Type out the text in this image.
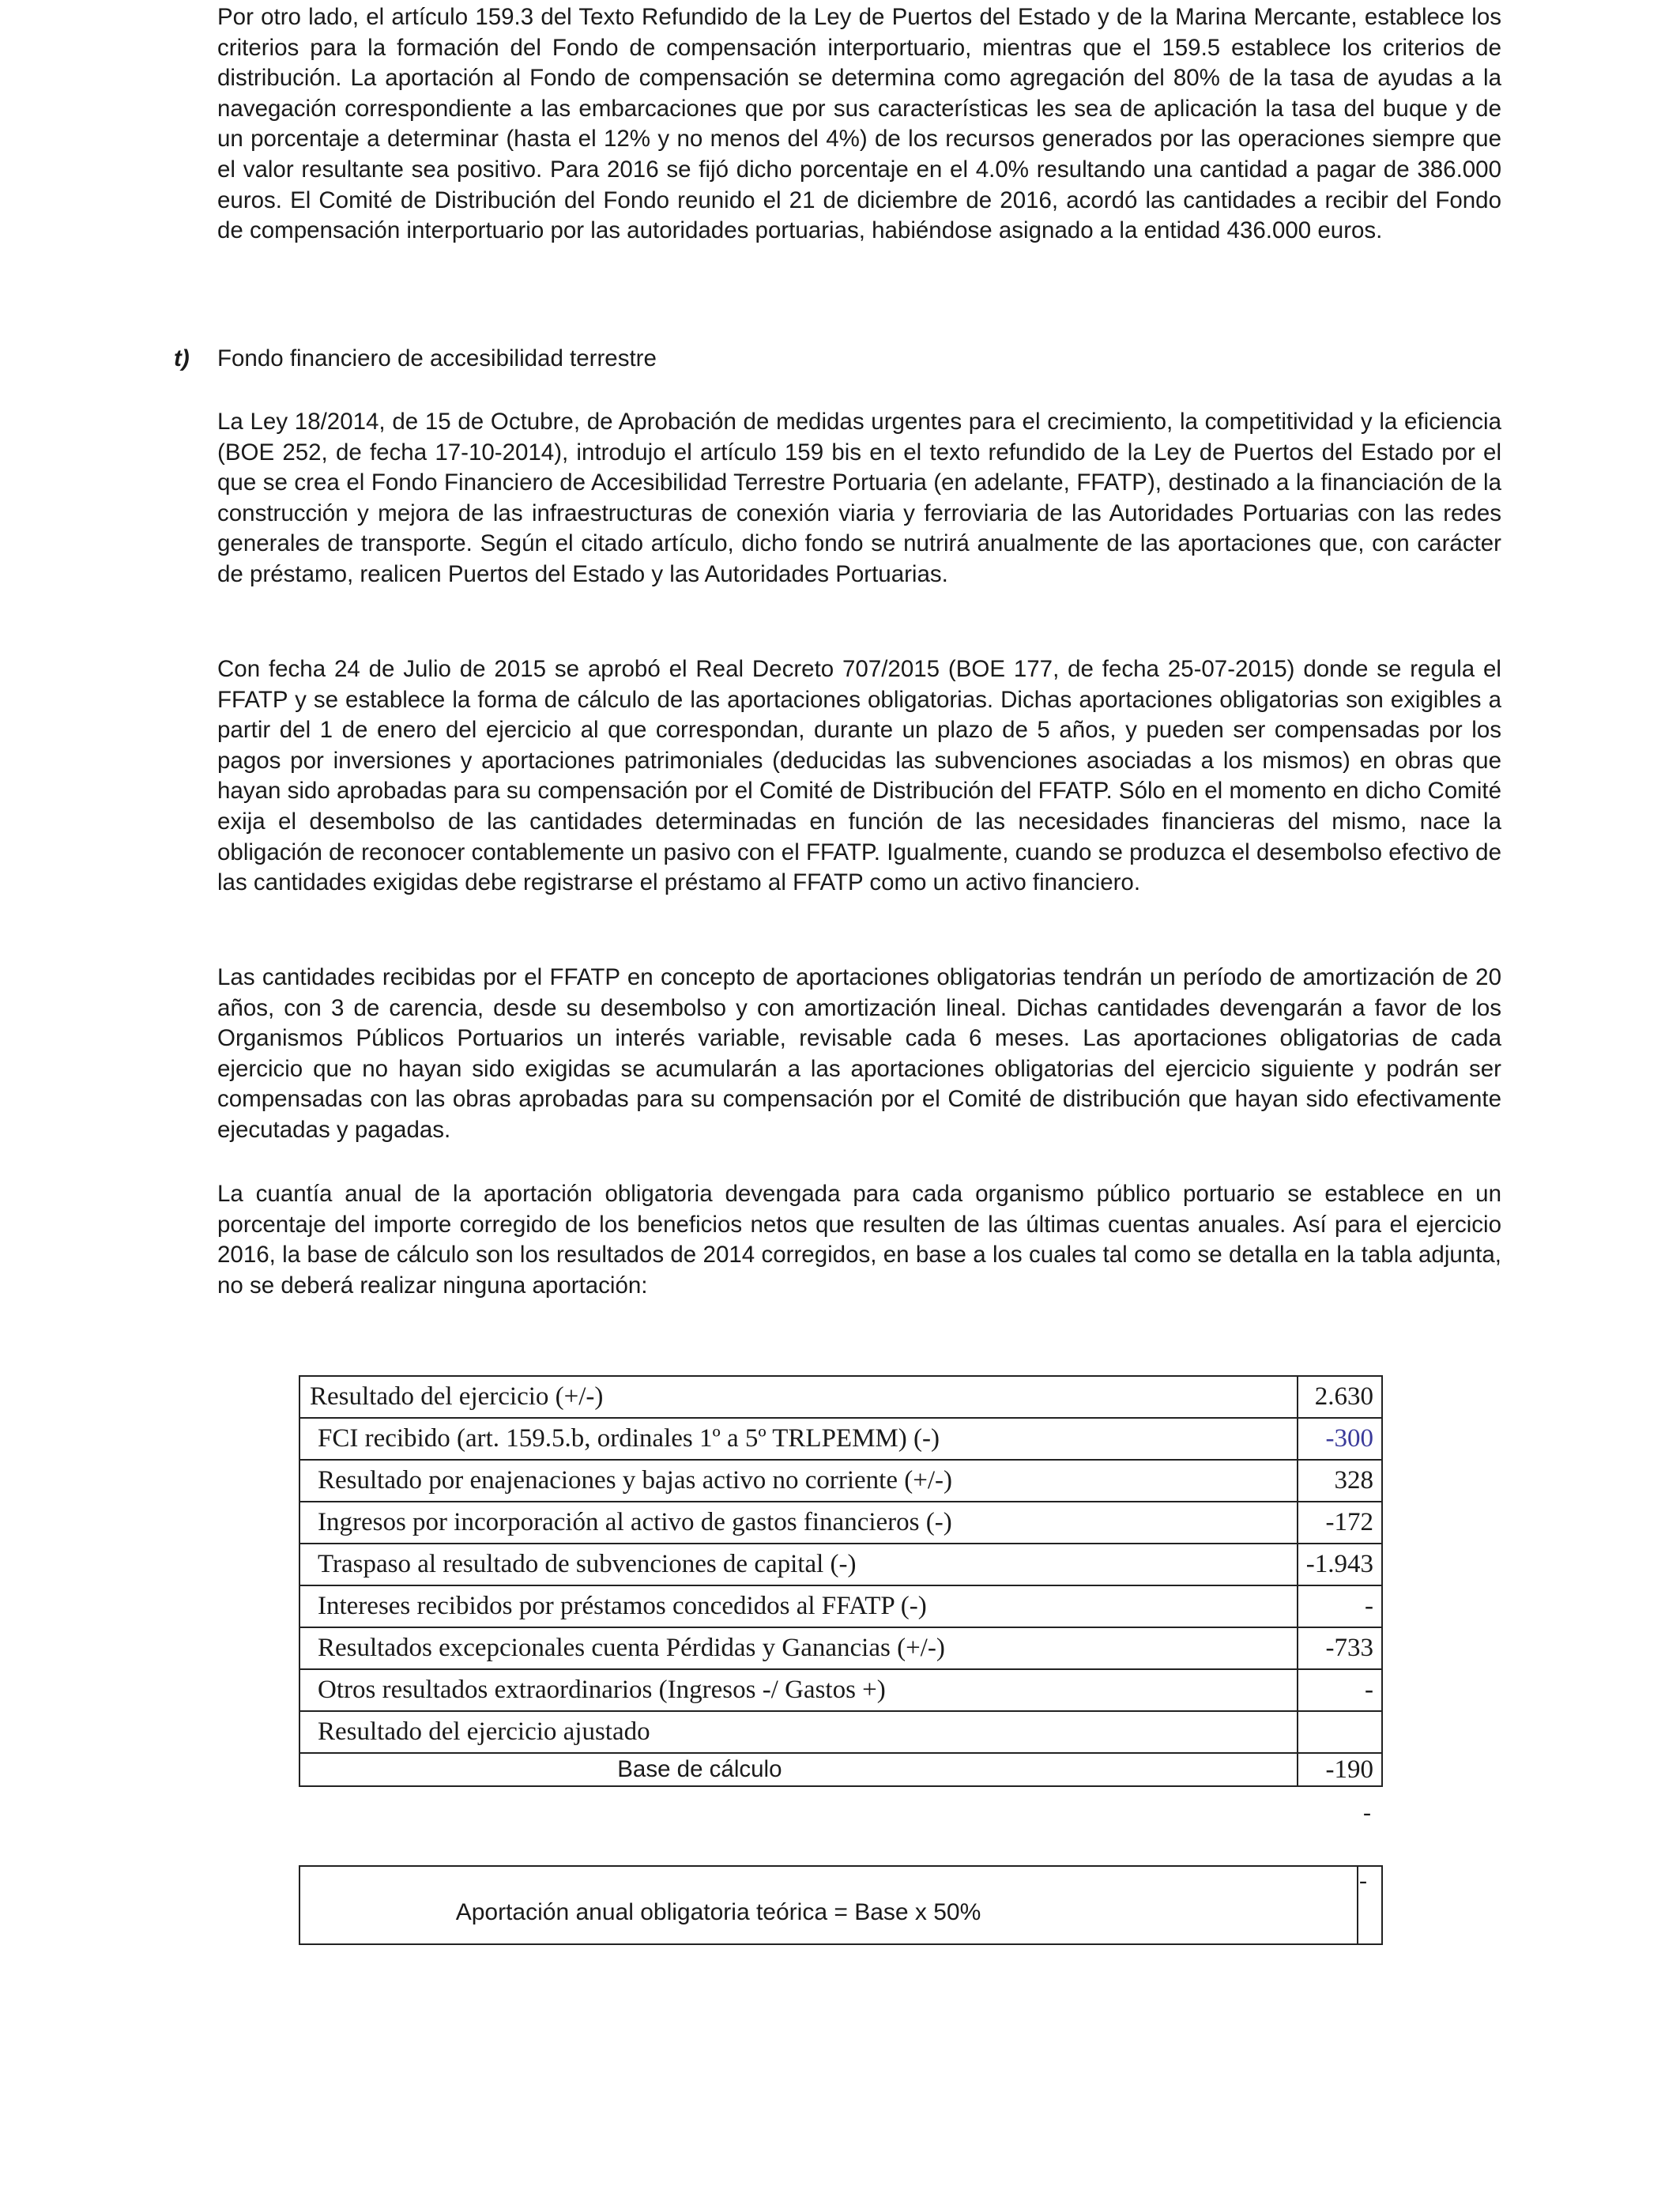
Por otro lado, el artículo 159.3 del Texto Refundido de la Ley de Puertos del Estado y de la Marina Mercante, establece los criterios para la formación del Fondo de compensación interportuario, mientras que el 159.5 establece los criterios de distribución. La aportación al Fondo de compensación se determina como agregación del 80% de la tasa de ayudas a la navegación correspondiente a las embarcaciones que por sus características les sea de aplicación la tasa del buque y de un porcentaje a determinar (hasta el 12% y no menos del 4%) de los recursos generados por las operaciones siempre que el valor resultante sea positivo. Para 2016 se fijó dicho porcentaje en el 4.0% resultando una cantidad a pagar de 386.000 euros. El Comité de Distribución del Fondo reunido el 21 de diciembre de 2016, acordó las cantidades a recibir del Fondo de compensación interportuario por las autoridades portuarias, habiéndose asignado a la entidad 436.000 euros.

t) Fondo financiero de accesibilidad terrestre

La Ley 18/2014, de 15 de Octubre, de Aprobación de medidas urgentes para el crecimiento, la competitividad y la eficiencia (BOE 252, de fecha 17-10-2014), introdujo el artículo 159 bis en el texto refundido de la Ley de Puertos del Estado por el que se crea el Fondo Financiero de Accesibilidad Terrestre Portuaria (en adelante, FFATP), destinado a la financiación de la construcción y mejora de las infraestructuras de conexión viaria y ferroviaria de las Autoridades Portuarias con las redes generales de transporte. Según el citado artículo, dicho fondo se nutrirá anualmente de las aportaciones que, con carácter de préstamo, realicen Puertos del Estado y las Autoridades Portuarias.

Con fecha 24 de Julio de 2015 se aprobó el Real Decreto 707/2015 (BOE 177, de fecha 25-07-2015) donde se regula el FFATP y se establece la forma de cálculo de las aportaciones obligatorias. Dichas aportaciones obligatorias son exigibles a partir del 1 de enero del ejercicio al que correspondan, durante un plazo de 5 años, y pueden ser compensadas por los pagos por inversiones y aportaciones patrimoniales (deducidas las subvenciones asociadas a los mismos) en obras que hayan sido aprobadas para su compensación por el Comité de Distribución del FFATP. Sólo en el momento en dicho Comité exija el desembolso de las cantidades determinadas en función de las necesidades financieras del mismo, nace la obligación de reconocer contablemente un pasivo con el FFATP. Igualmente, cuando se produzca el desembolso efectivo de las cantidades exigidas debe registrarse el préstamo al FFATP como un activo financiero.

Las cantidades recibidas por el FFATP en concepto de aportaciones obligatorias tendrán un período de amortización de 20 años, con 3 de carencia, desde su desembolso y con amortización lineal. Dichas cantidades devengarán a favor de los Organismos Públicos Portuarios un interés variable, revisable cada 6 meses. Las aportaciones obligatorias de cada ejercicio que no hayan sido exigidas se acumularán a las aportaciones obligatorias del ejercicio siguiente y podrán ser compensadas con las obras aprobadas para su compensación por el Comité de distribución que hayan sido efectivamente ejecutadas y pagadas.

La cuantía anual de la aportación obligatoria devengada para cada organismo público portuario se establece en un porcentaje del importe corregido de los beneficios netos que resulten de las últimas cuentas anuales. Así para el ejercicio 2016, la base de cálculo son los resultados de 2014 corregidos, en base a los cuales tal como se detalla en la tabla adjunta, no se deberá realizar ninguna aportación:

Resultado del ejercicio (+/-)	2.630
FCI recibido (art. 159.5.b, ordinales 1º a 5º TRLPEMM) (-)	-300
Resultado por enajenaciones y bajas activo no corriente (+/-)	328
Ingresos por incorporación al activo de gastos financieros (-)	-172
Traspaso al resultado de subvenciones de capital (-)	-1.943
Intereses recibidos por préstamos concedidos al FFATP (-)	-
Resultados excepcionales cuenta Pérdidas y Ganancias (+/-)	-733
Otros resultados extraordinarios (Ingresos -/ Gastos +)	-
Resultado del ejercicio ajustado	
Base de cálculo	-190
-
Aportación anual obligatoria teórica = Base x 50%	-
